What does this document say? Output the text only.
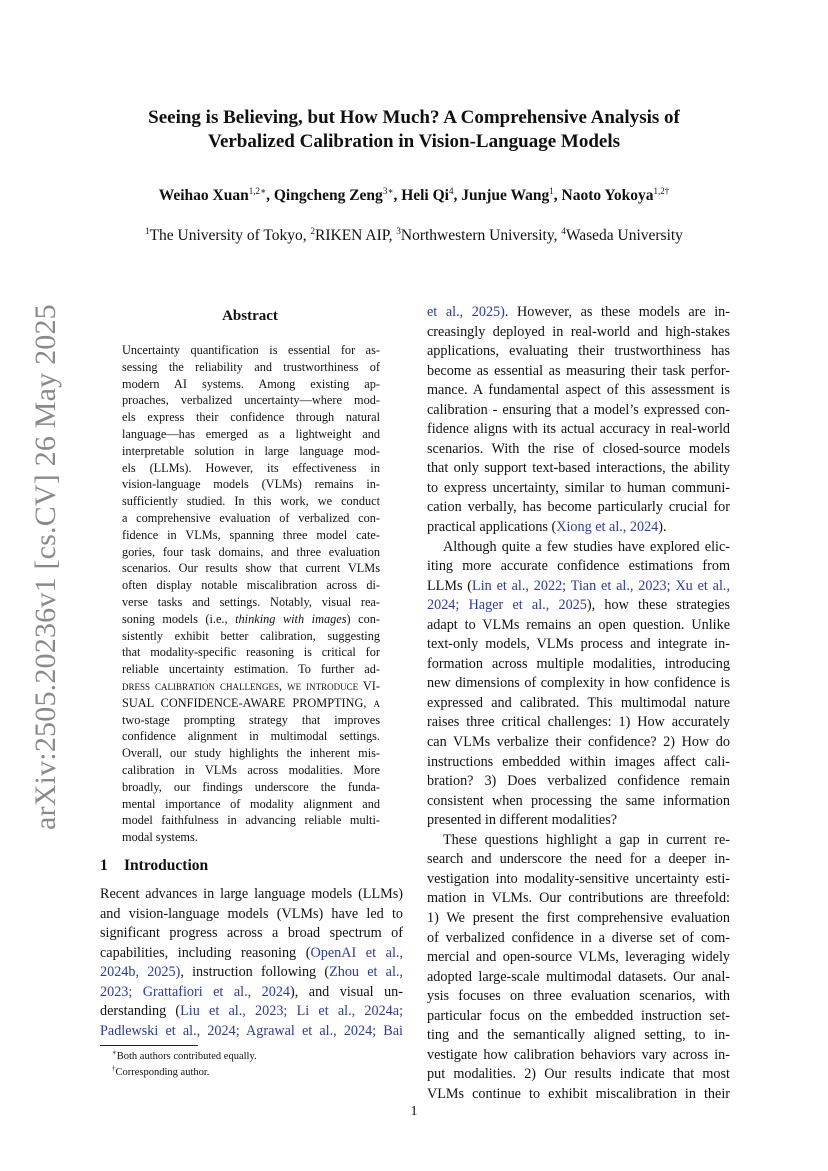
Seeing is Believing, but How Much? A Comprehensive Analysis of
Verbalized Calibration in Vision-Language Models
Weihao Xuan$^{1,2∗}$, Qingcheng Zeng$^{3∗}$, Heli Qi$^4$, Junjue Wang$^1$, Naoto Yokoya$^{1,2\dagger}$
$^1$The University of Tokyo, $^2$RIKEN AIP, $^3$Northwestern University, $^4$Waseda University
arXiv:2505.20236v1 [cs.CV] 26 May 2025	Abstract
Uncertainty quantification is essential for as-
sessing the reliability and trustworthiness of
modern AI systems. Among existing ap-
proaches, verbalized uncertainty—where mod-
els express their confidence through natural
language—has emerged as a lightweight and
interpretable solution in large language mod-
els (LLMs). However, its effectiveness in
vision-language models (VLMs) remains in-
sufficiently studied. In this work, we conduct
a comprehensive evaluation of verbalized con-
fidence in VLMs, spanning three model cate-
gories, four task domains, and three evaluation
scenarios. Our results show that current VLMs
often display notable miscalibration across di-
verse tasks and settings. Notably, visual rea-
soning models (i.e., thinking with images) con-
sistently exhibit better calibration, suggesting
that modality-specific reasoning is critical for
reliable uncertainty estimation. To further ad-
dress calibration challenges, we introduce VI-
SUAL CONFIDENCE-AWARE PROMPTING, a
two-stage prompting strategy that improves
confidence alignment in multimodal settings.
Overall, our study highlights the inherent mis-
calibration in VLMs across modalities. More
broadly, our findings underscore the funda-
mental importance of modality alignment and
model faithfulness in advancing reliable multi-
modal systems.
1 Introduction
Recent advances in large language models (LLMs)
and vision-language models (VLMs) have led to
significant progress across a broad spectrum of
capabilities, including reasoning (OpenAI et al.,
2024b, 2025), instruction following (Zhou et al.,
2023; Grattafiori et al., 2024), and visual un-
derstanding (Liu et al., 2023; Li et al., 2024a;
Padlewski et al., 2024; Agrawal et al., 2024; Bai
et al., 2025). However, as these models are in-
creasingly deployed in real-world and high-stakes
applications, evaluating their trustworthiness has
become as essential as measuring their task perfor-
mance. A fundamental aspect of this assessment is
calibration - ensuring that a model’s expressed con-
fidence aligns with its actual accuracy in real-world
scenarios. With the rise of closed-source models
that only support text-based interactions, the ability
to express uncertainty, similar to human communi-
cation verbally, has become particularly crucial for
practical applications (Xiong et al., 2024).
Although quite a few studies have explored elic-
iting more accurate confidence estimations from
LLMs (Lin et al., 2022; Tian et al., 2023; Xu et al.,
2024; Hager et al., 2025), how these strategies
adapt to VLMs remains an open question. Unlike
text-only models, VLMs process and integrate in-
formation across multiple modalities, introducing
new dimensions of complexity in how confidence is
expressed and calibrated. This multimodal nature
raises three critical challenges: 1) How accurately
can VLMs verbalize their confidence? 2) How do
instructions embedded within images affect cali-
bration? 3) Does verbalized confidence remain
consistent when processing the same information
presented in different modalities?
These questions highlight a gap in current re-
search and underscore the need for a deeper in-
vestigation into modality-sensitive uncertainty esti-
mation in VLMs. Our contributions are threefold:
1) We present the first comprehensive evaluation
of verbalized confidence in a diverse set of com-
mercial and open-source VLMs, leveraging widely
adopted large-scale multimodal datasets. Our anal-
ysis focuses on three evaluation scenarios, with
particular focus on the embedded instruction set-
ting and the semantically aligned setting, to in-
vestigate how calibration behaviors vary across in-
put modalities. 2) Our results indicate that most
VLMs continue to exhibit miscalibration in their
∗Both authors contributed equally.
†Corresponding author.
1
